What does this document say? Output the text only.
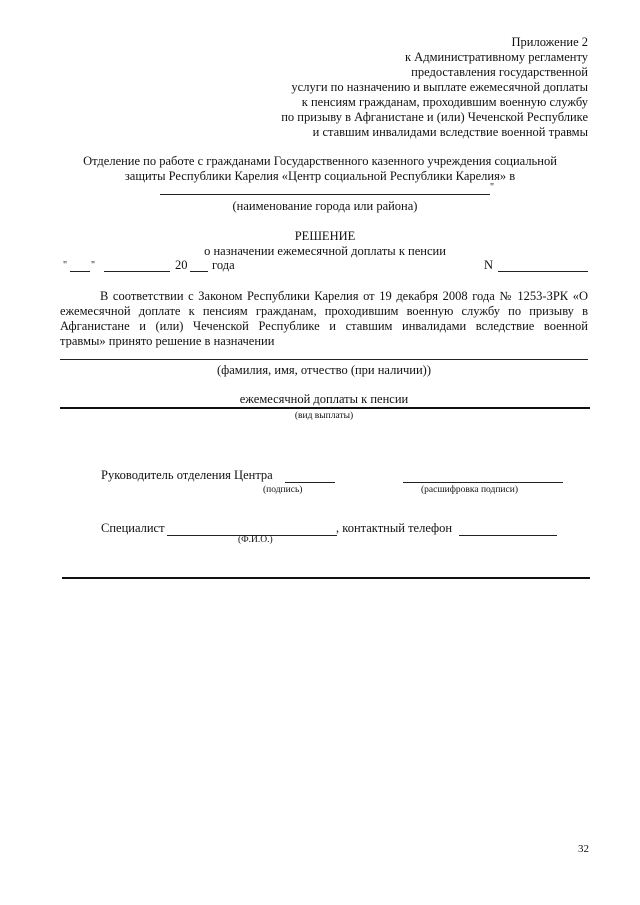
Приложение 2
к Административному регламенту
предоставления государственной
услуги по назначению и выплате ежемесячной доплаты
к пенсиям гражданам, проходившим военную службу
по призыву в Афганистане и (или) Чеченской Республике
и ставшим инвалидами вследствие военной травмы
Отделение по работе с гражданами Государственного казенного учреждения социальной
защиты Республики Карелия «Центр социальной Республики Карелия» в
"
(наименование города или района)
РЕШЕНИЕ
о назначении ежемесячной доплаты к пенсии
" "	20 года	N
В соответствии с Законом Республики Карелия от 19 декабря 2008 года № 1253-ЗРК «О
ежемесячной доплате к пенсиям гражданам, проходившим военную службу по призыву в
Афганистане и (или) Чеченской Республике и ставшим инвалидами вследствие военной
травмы» принято решение в назначении
(фамилия, имя, отчество (при наличии))
ежемесячной доплаты к пенсии
(вид выплаты)
Руководитель отделения Центра
(подпись)	(расшифровка подписи)
Специалист	, контактный телефон
(Ф.И.О.)
32
